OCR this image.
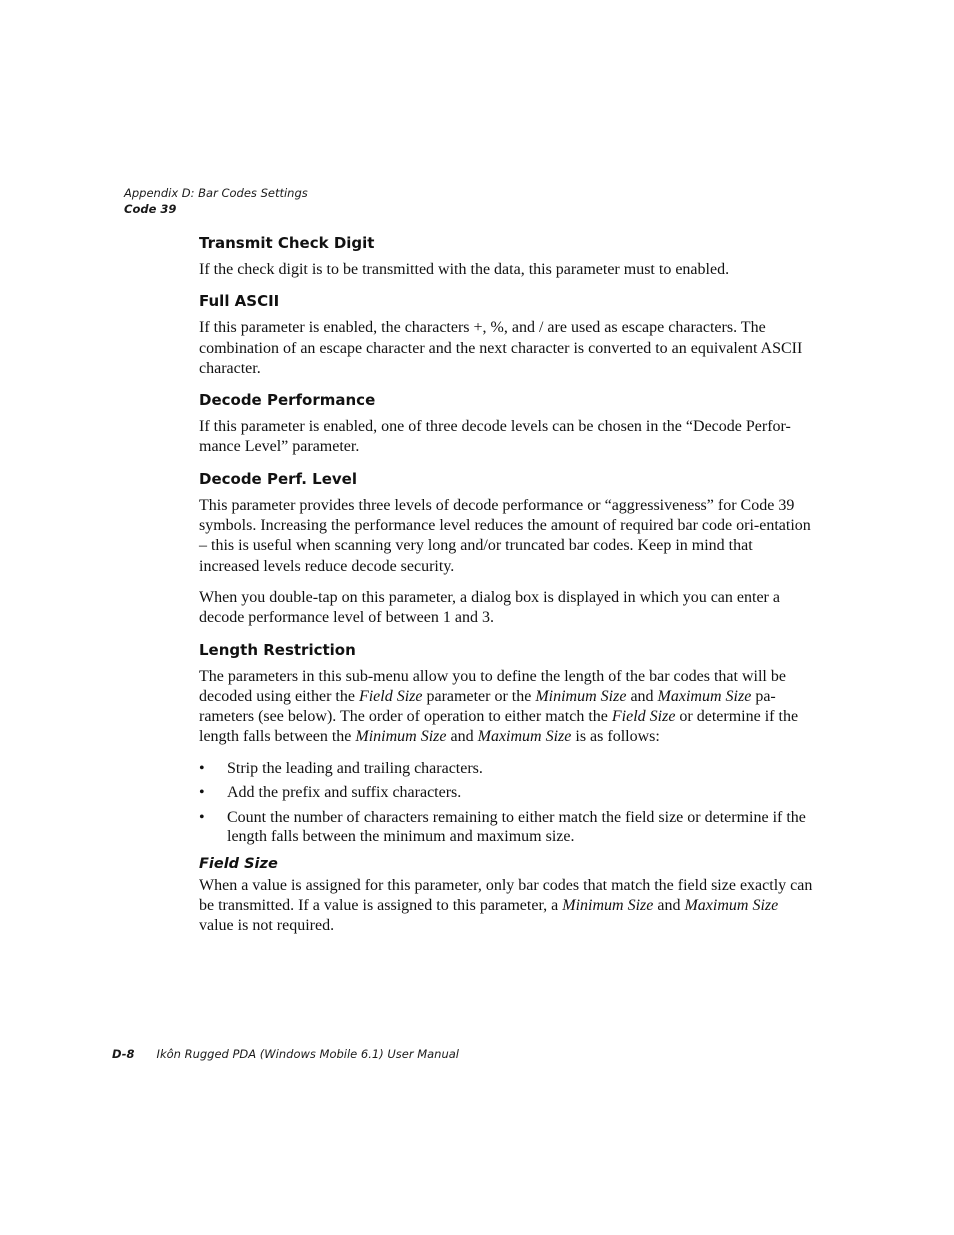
Appendix D: Bar Codes Settings
Code 39
Transmit Check Digit

If the check digit is to be transmitted with the data, this parameter must to enabled.

Full ASCII

If this parameter is enabled, the characters +, %, and / are used as escape characters. The combination of an escape character and the next character is converted to an equivalent ASCII character.

Decode Performance

If this parameter is enabled, one of three decode levels can be chosen in the “Decode Perfor-mance Level” parameter.

Decode Perf. Level

This parameter provides three levels of decode performance or “aggressiveness” for Code 39 symbols. Increasing the performance level reduces the amount of required bar code ori-entation – this is useful when scanning very long and/or truncated bar codes. Keep in mind that increased levels reduce decode security.

When you double-tap on this parameter, a dialog box is displayed in which you can enter a decode performance level of between 1 and 3.

Length Restriction

The parameters in this sub-menu allow you to define the length of the bar codes that will be decoded using either the Field Size parameter or the Minimum Size and Maximum Size pa-rameters (see below). The order of operation to either match the Field Size or determine if the length falls between the Minimum Size and Maximum Size is as follows:

• Strip the leading and trailing characters.
• Add the prefix and suffix characters.
• Count the number of characters remaining to either match the field size or determine if the length falls between the minimum and maximum size.
Field Size

When a value is assigned for this parameter, only bar codes that match the field size exactly can be transmitted. If a value is assigned to this parameter, a Minimum Size and Maximum Size value is not required.

D-8 Ikôn Rugged PDA (Windows Mobile 6.1) User Manual
